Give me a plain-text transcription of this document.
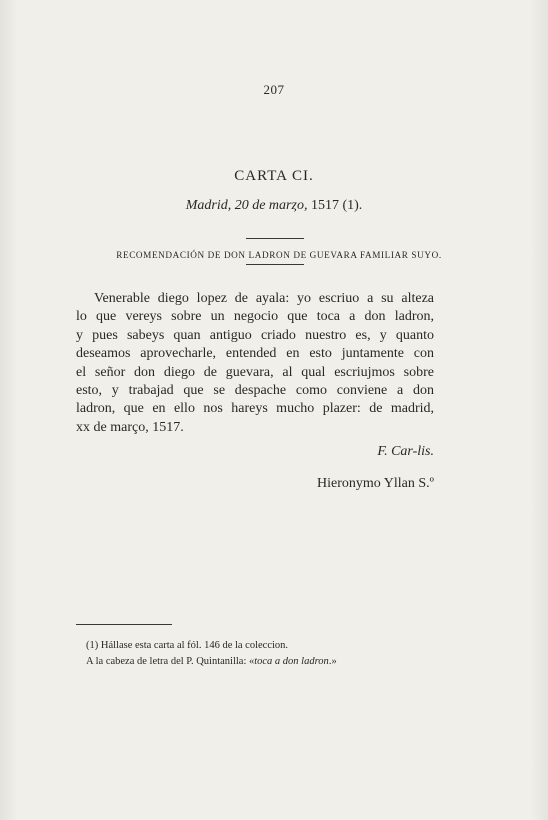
207
CARTA CI.
Madrid, 20 de marȥo, 1517 (1).
RECOMENDACIÓN DE DON LADRON DE GUEVARA FAMILIAR SUYO.
Venerable diego lopez de ayala: yo escriuo a su alteza
lo que vereys sobre un negocio que toca a don ladron,
y pues sabeys quan antiguo criado nuestro es, y quanto
deseamos aprovecharle, entended en esto juntamente con
el señor don diego de guevara, al qual escriujmos sobre
esto, y trabajad que se despache como conviene a don
ladron, que en ello nos hareys mucho plazer: de madrid,
xx de março, 1517.
F. Car-lis.
Hieronymo Yllan S.º
(1) Hállase esta carta al fól. 146 de la coleccion.
A la cabeza de letra del P. Quintanilla: «toca a don ladron.»
